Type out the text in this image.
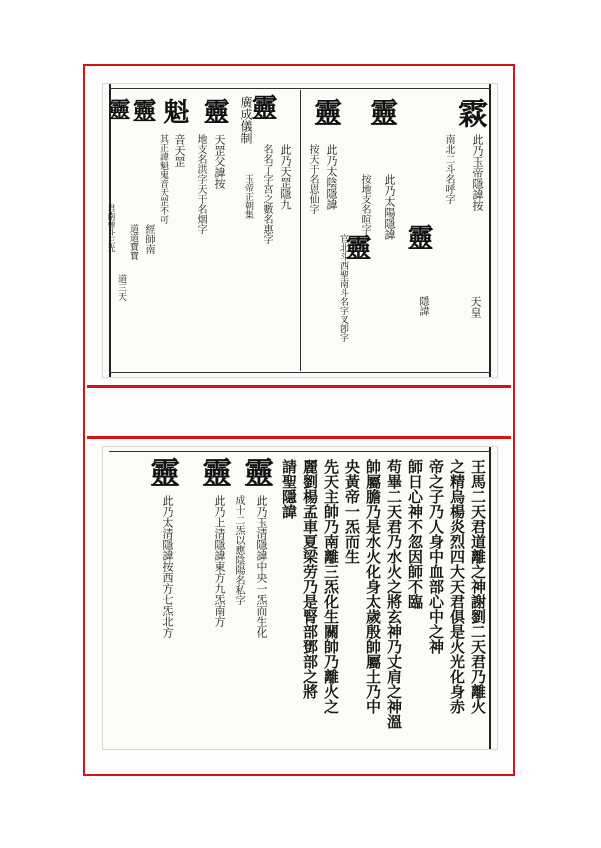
𩄍
此乃玉帝隱諱按
南北二斗名呼字
靈
天皇
隱諱
靈
此乃太陽隱諱
按地支名暄字
靈
官北斗西聖南斗名字叉卽字
靈
此乃太陰隱諱
按天干名恩仙字
此乃天罡隱九
名名了字宮之數名惠字
靈
廣成儀制
玉帝正朝集
靈
天罡父諱按
地支名洪字天干名烟字
魁
音天罡
其正諱魁鬼音天罡不可
靈
經師南
道道寶寶
靈
道三天
君南極斗三光
王馬二天君道離之神謝劉二天君乃離火
之精烏楊炎烈四大天君俱是火光化身赤
帝之子乃人身中血部心中之神
師日心神不忽因師不臨
苟畢二天君乃水火之將玄神乃丈肩之神溫
帥屬膽乃是水火化身太歲殷帥屬土乃中
央黃帝一炁而生
先天主帥乃南離三炁化生關帥乃離火之
麗劉楊孟車夏梁劳乃是腎部鄧部之將
請聖隱諱
靈
此乃玉清隱諱中央一炁而生化
靈
此乃上清隱諱東方九炁南方 成十二炁以應陰陽名私字
靈
此乃太清隱諱按西方七炁北方
